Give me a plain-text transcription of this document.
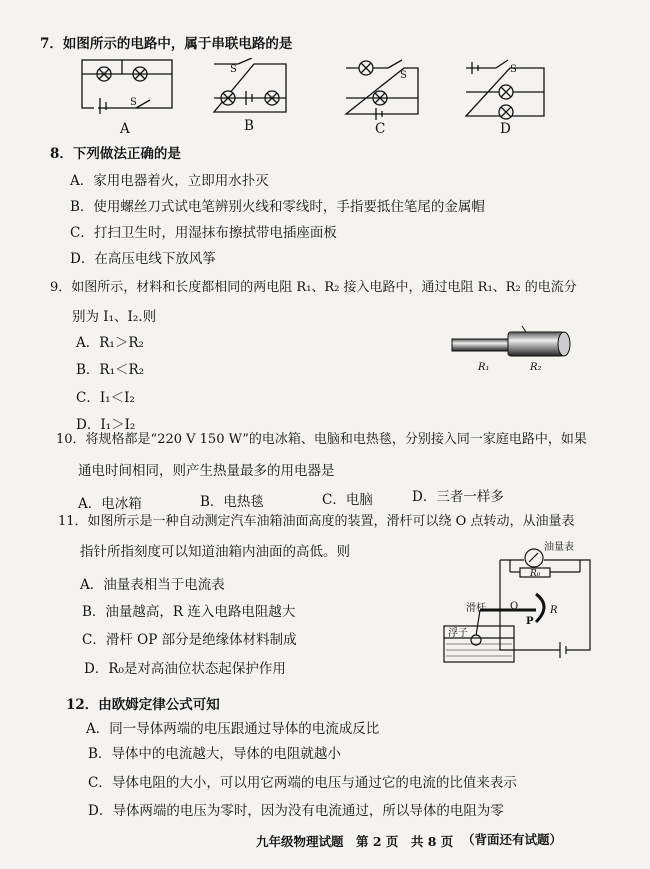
7．如图所示的电路中，属于串联电路的是
S
A
S
B
S
C
S
D
8．下列做法正确的是
A．家用电器着火，立即用水扑灭
B．使用螺丝刀式试电笔辨别火线和零线时，手指要抵住笔尾的金属帽
C．打扫卫生时，用湿抹布擦拭带电插座面板
D．在高压电线下放风筝
9．如图所示，材料和长度都相同的两电阻 R₁、R₂ 接入电路中，通过电阻 R₁、R₂ 的电流分
别为 I₁、I₂.则
A．R₁＞R₂
B．R₁＜R₂
C．I₁＜I₂
D．I₁＞I₂
R₁	R₂
10．将规格都是“220 V 150 W”的电冰箱、电脑和电热毯，分别接入同一家庭电路中，如果
通电时间相同，则产生热量最多的用电器是
A．电冰箱	B．电热毯	C．电脑	D．三者一样多
11．如图所示是一种自动测定汽车油箱油面高度的装置，滑杆可以绕 O 点转动，从油量表
指针所指刻度可以知道油箱内油面的高低。则
A．油量表相当于电流表
B．油量越高，R 连入电路电阻越大
C．滑杆 OP 部分是绝缘体材料制成
D．R₀是对高油位状态起保护作用
油量表
R₀
滑杆 O	R
P
浮子
12．由欧姆定律公式可知
A．同一导体两端的电压跟通过导体的电流成反比
B．导体中的电流越大，导体的电阻就越小
C．导体电阻的大小，可以用它两端的电压与通过它的电流的比值来表示
D．导体两端的电压为零时，因为没有电流通过，所以导体的电阻为零
九年级物理试题　第 2 页　共 8 页 （背面还有试题）
